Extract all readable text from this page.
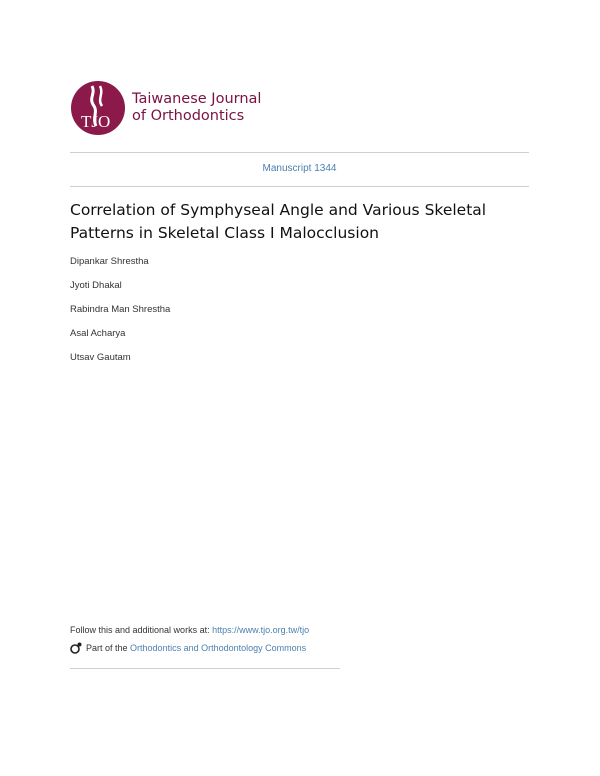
TJO
Taiwanese Journal
of Orthodontics
Manuscript 1344
Correlation of Symphyseal Angle and Various Skeletal Patterns in Skeletal Class I Malocclusion
Dipankar Shrestha
Jyoti Dhakal
Rabindra Man Shrestha
Asal Acharya
Utsav Gautam
Follow this and additional works at: https://www.tjo.org.tw/tjo
Part of the
Orthodontics and Orthodontology Commons
